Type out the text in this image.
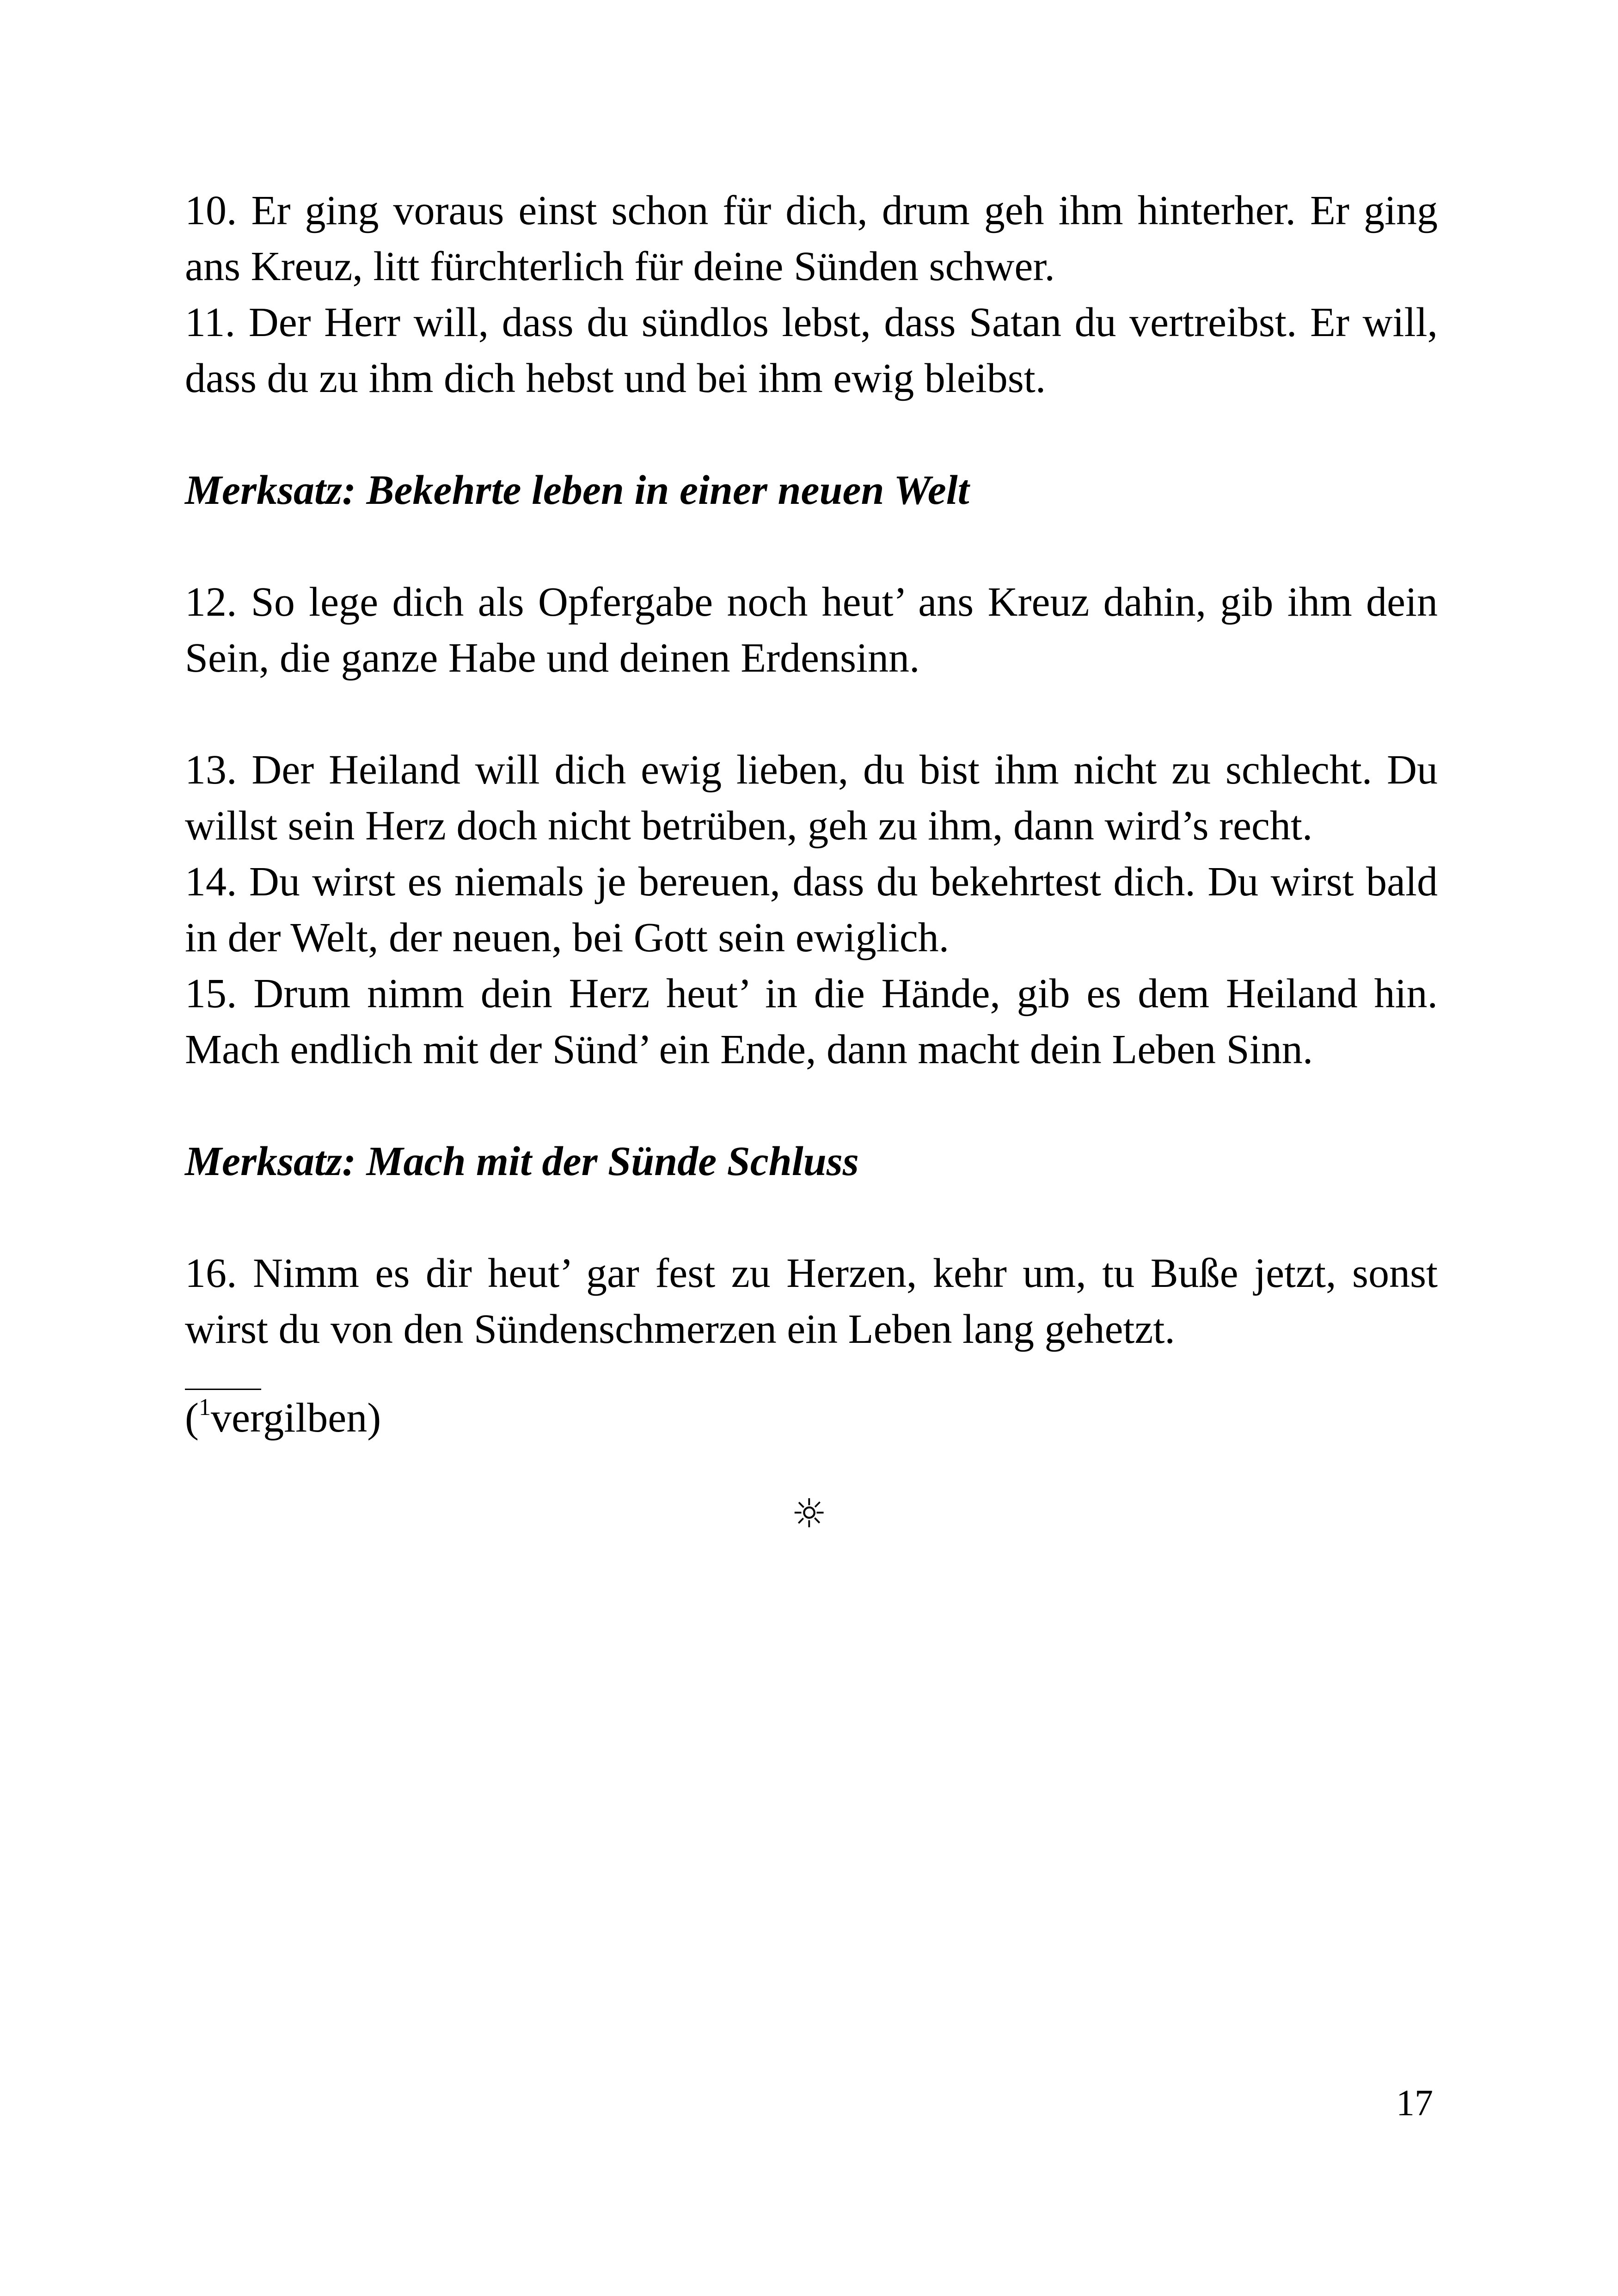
10. Er ging voraus einst schon für dich, drum geh ihm hinterher. Er ging ans Kreuz, litt fürchterlich für deine Sünden schwer.

11. Der Herr will, dass du sündlos lebst, dass Satan du vertreibst. Er will, dass du zu ihm dich hebst und bei ihm ewig bleibst.

Merksatz: Bekehrte leben in einer neuen Welt

12. So lege dich als Opfergabe noch heut’ ans Kreuz dahin, gib ihm dein Sein, die ganze Habe und deinen Erdensinn.

13. Der Heiland will dich ewig lieben, du bist ihm nicht zu schlecht. Du willst sein Herz doch nicht betrüben, geh zu ihm, dann wird’s recht.

14. Du wirst es niemals je bereuen, dass du bekehrtest dich. Du wirst bald in der Welt, der neuen, bei Gott sein ewiglich.

15. Drum nimm dein Herz heut’ in die Hände, gib es dem Heiland hin. Mach endlich mit der Sünd’ ein Ende, dann macht dein Leben Sinn.

Merksatz: Mach mit der Sünde Schluss

16. Nimm es dir heut’ gar fest zu Herzen, kehr um, tu Buße jetzt, sonst wirst du von den Sündenschmerzen ein Leben lang gehetzt.

($^1$vergilben)

☼
17
